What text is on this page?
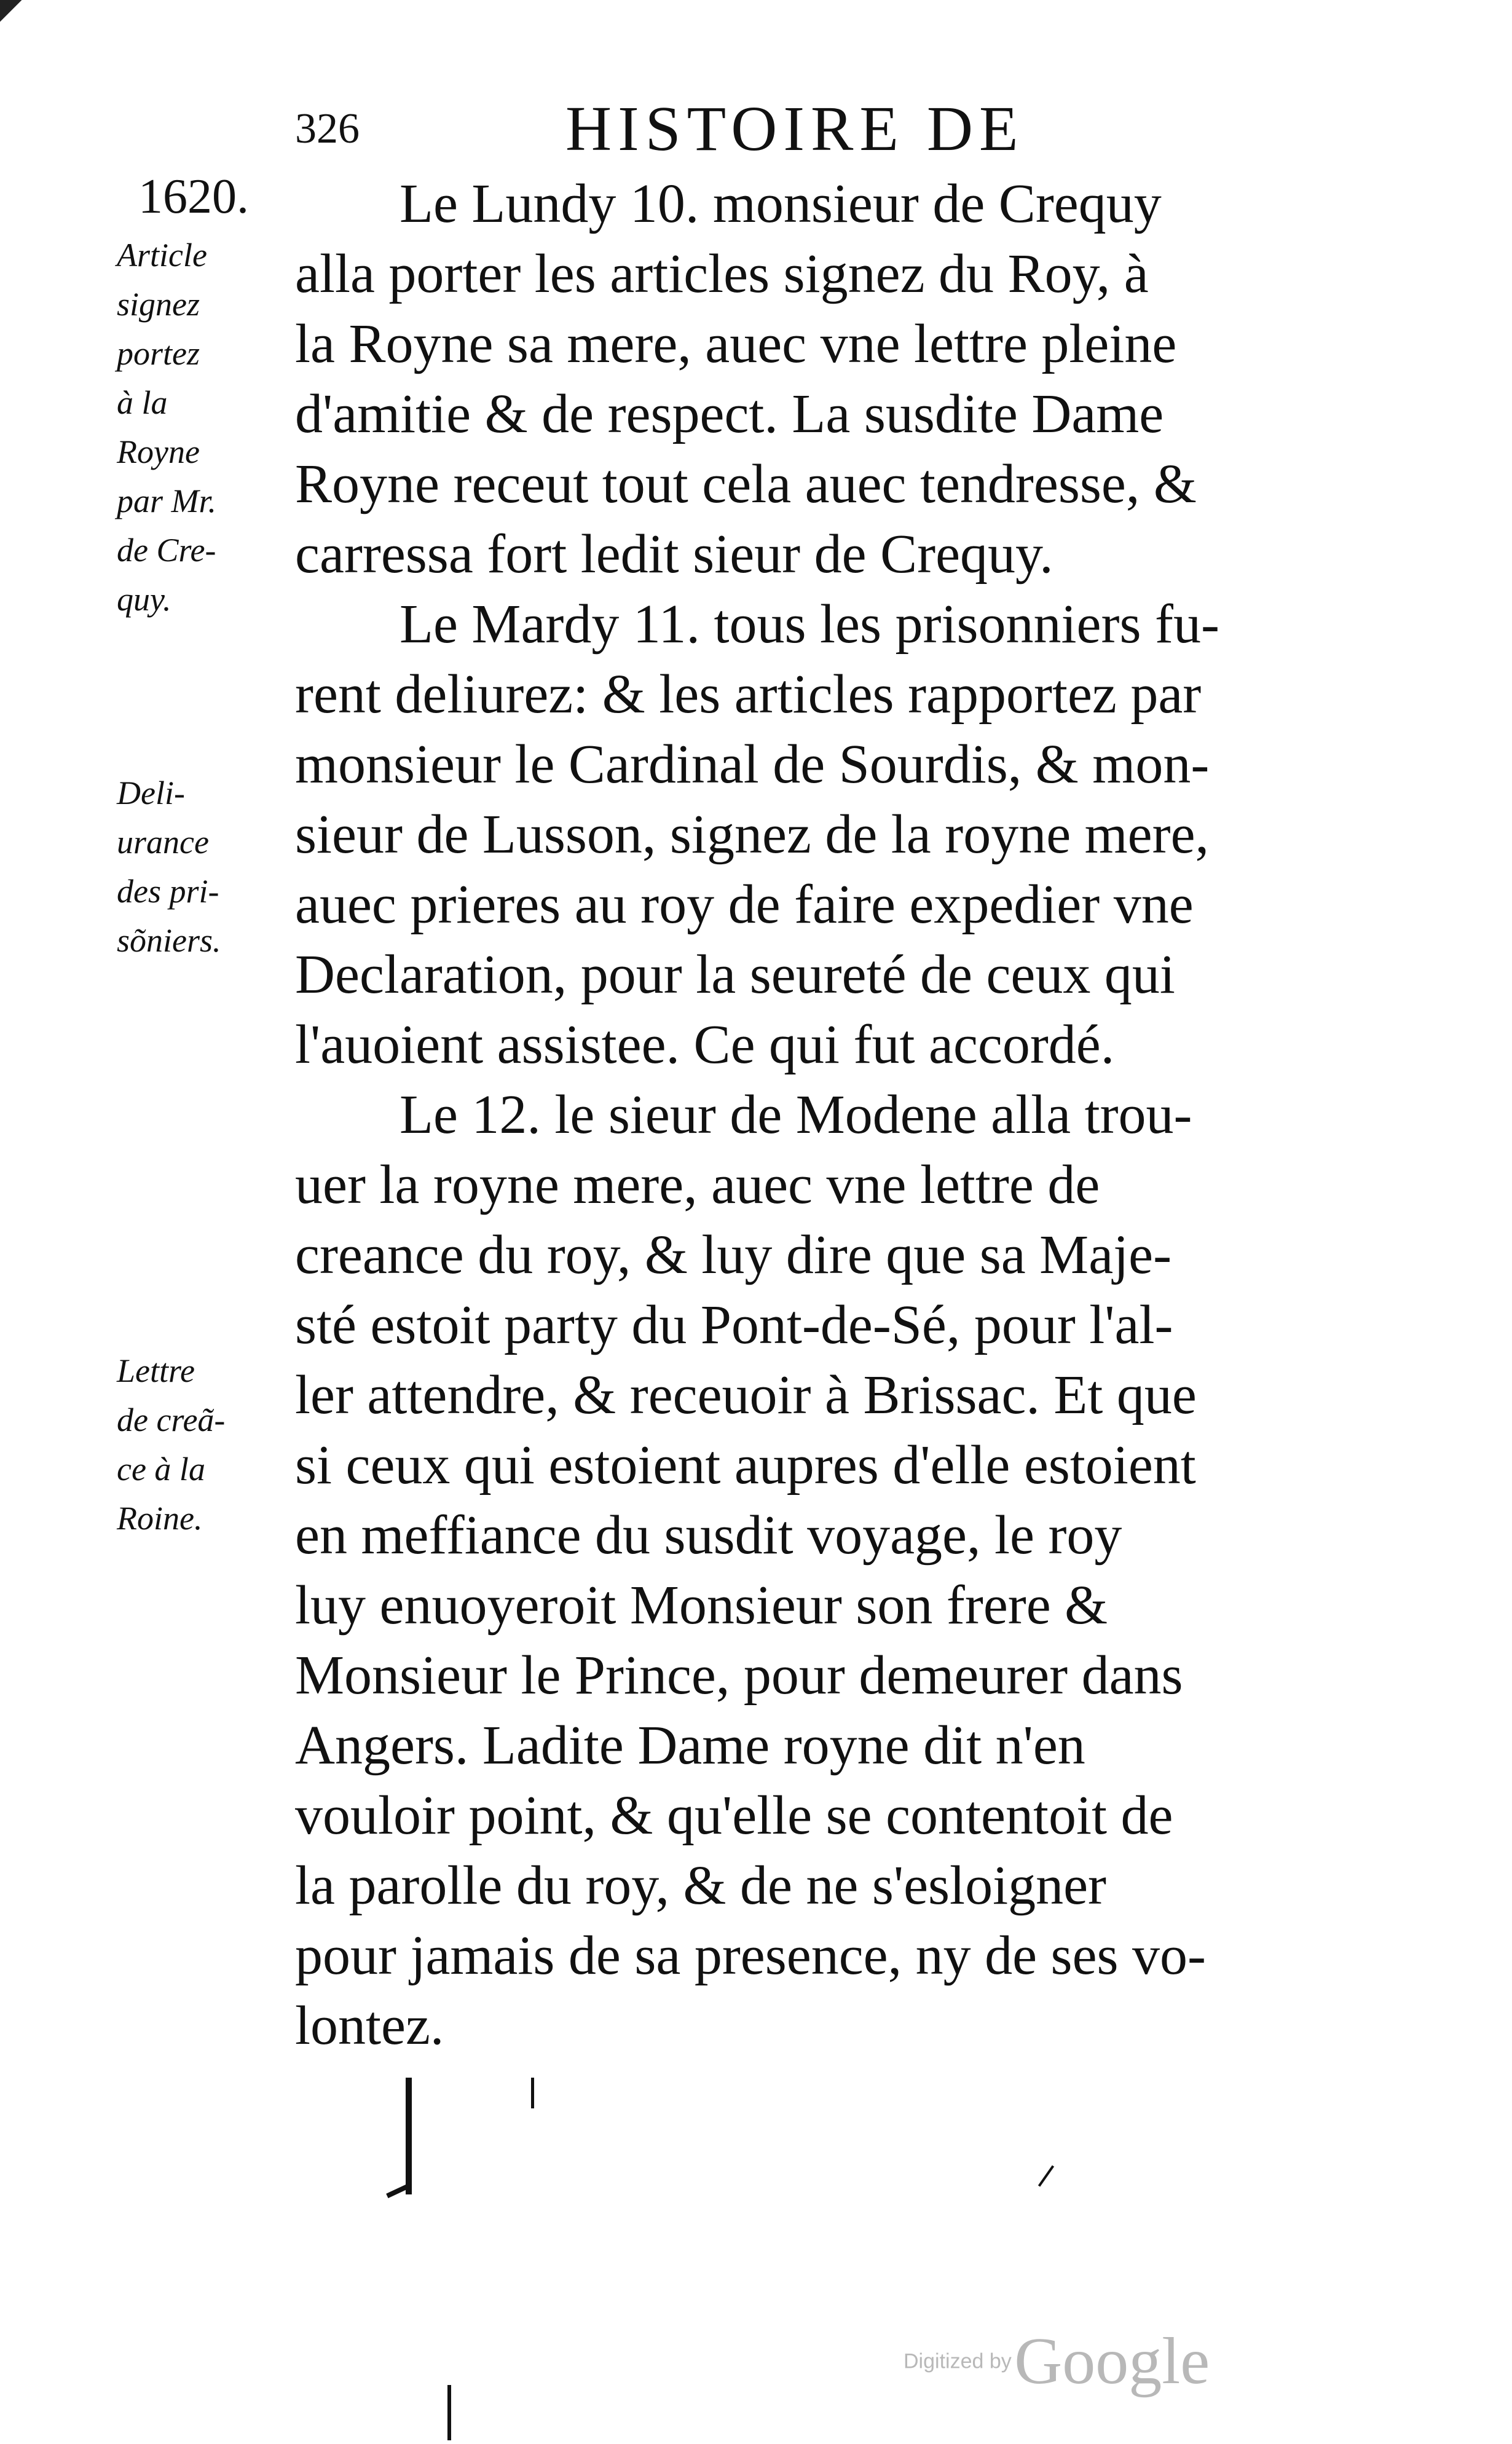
326	HISTOIRE DE
1620.
Article
signez
portez
à la
Royne
par Mr.
de Cre-
quy.
Deli-
urance
des pri-
sõniers.
Lettre
de creã-
ce à la
Roine.
Le Lundy 10. monsieur de Crequy
alla porter les articles signez du Roy, à
la Royne sa mere, auec vne lettre pleine
d'amitie & de respect. La susdite Dame
Royne receut tout cela auec tendresse, &
carressa fort ledit sieur de Crequy.
Le Mardy 11. tous les prisonniers fu-
rent deliurez: & les articles rapportez par
monsieur le Cardinal de Sourdis, & mon-
sieur de Lusson, signez de la royne mere,
auec prieres au roy de faire expedier vne
Declaration, pour la seureté de ceux qui
l'auoient assistee. Ce qui fut accordé.
Le 12. le sieur de Modene alla trou-
uer la royne mere, auec vne lettre de
creance du roy, & luy dire que sa Maje-
sté estoit party du Pont-de-Sé, pour l'al-
ler attendre, & receuoir à Brissac. Et que
si ceux qui estoient aupres d'elle estoient
en meffiance du susdit voyage, le roy
luy enuoyeroit Monsieur son frere &
Monsieur le Prince, pour demeurer dans
Angers. Ladite Dame royne dit n'en
vouloir point, & qu'elle se contentoit de
la parolle du roy, & de ne s'esloigner
pour jamais de sa presence, ny de ses vo-
lontez.
Digitized by Google
